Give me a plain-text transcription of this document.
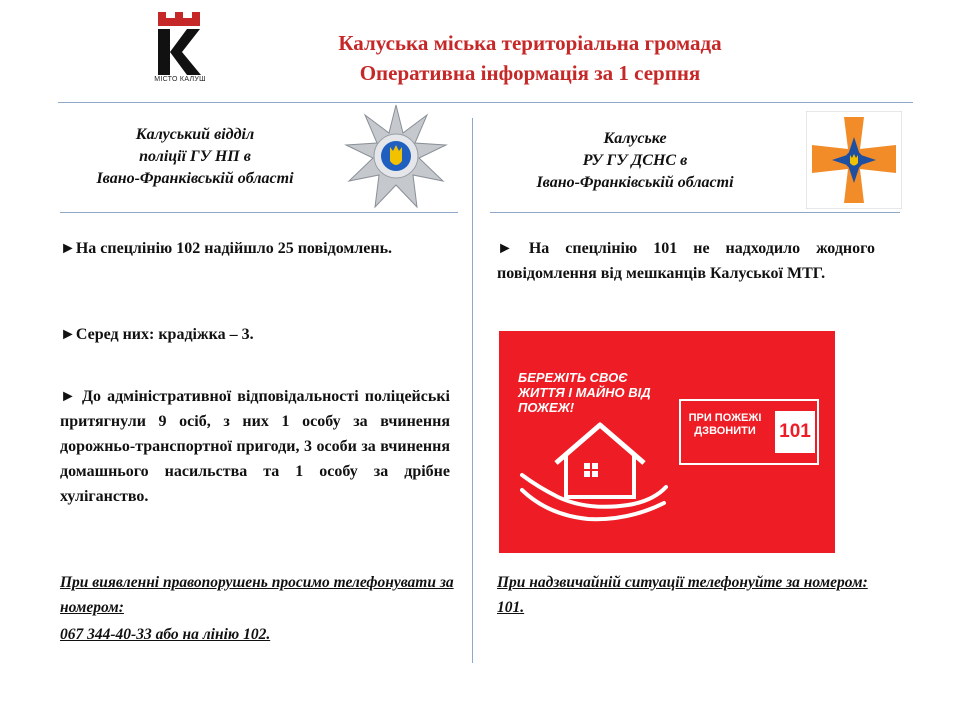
МІСТО КАЛУШ
Калуська міська територіальна громада
Оперативна інформація за 1 серпня
Калуський відділ
поліції ГУ НП в
Івано-Франківській області
►На спецлінію 102 надійшло 25 повідомлень.
►Серед них: крадіжка – 3.
► До адміністративної відповідальності поліцейські притягнули 9 осіб, з них 1 особу за вчинення дорожньо-транспортної пригоди, 3 особи за вчинення домашнього насильства та 1 особу за дрібне хуліганство.
При виявленні правопорушень просимо телефонувати за номером:
067 344-40-33 або на лінію 102.
Калуське
РУ ГУ ДСНС в
Івано-Франківській області
► На спецлінію 101 не надходило жодного повідомлення від мешканців Калуської МТГ.
БЕРЕЖІТЬ СВОЄ ЖИТТЯ І МАЙНО ВІД ПОЖЕЖ!
ПРИ ПОЖЕЖІ ДЗВОНИТИ	101
При надзвичайній ситуації телефонуйте за номером: 101.
